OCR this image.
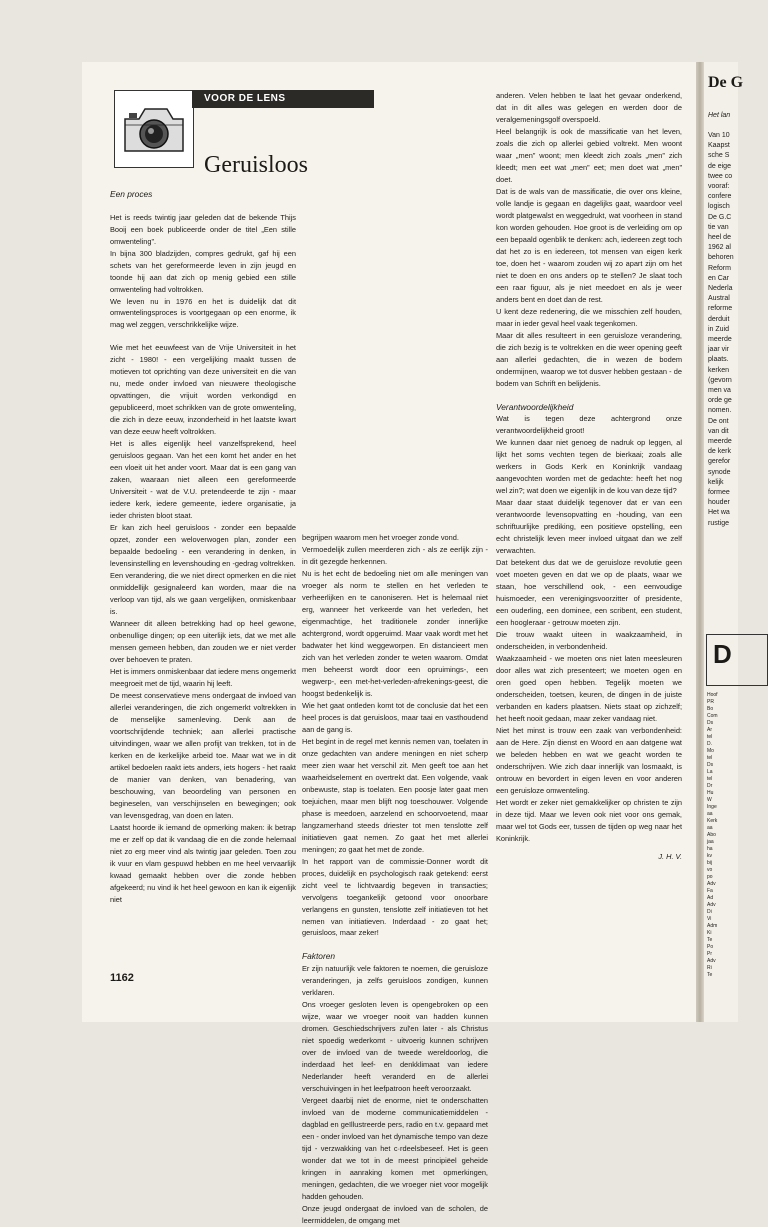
VOOR DE LENS
Geruisloos
Een proces

Het is reeds twintig jaar geleden dat de bekende Thijs Booij een boek publiceerde onder de titel „Een stille omwenteling”.

In bijna 300 bladzijden, compres gedrukt, gaf hij een schets van het gereformeerde leven in zijn jeugd en toonde hij aan dat zich op menig gebied een stille omwenteling had voltrokken.

We leven nu in 1976 en het is duidelijk dat dit omwentelingsproces is voortgegaan op een enorme, ik mag wel zeggen, verschrikkelijke wijze.

Wie met het eeuwfeest van de Vrije Universiteit in het zicht - 1980! - een vergelijking maakt tussen de motieven tot oprichting van deze universiteit en die van nu, mede onder invloed van nieuwere theologische opvattingen, die vrijuit worden verkondigd en gepubliceerd, moet schrikken van de grote omwenteling, die zich in deze eeuw, inzonderheid in het laatste kwart van deze eeuw heeft voltrokken.

Het is alles eigenlijk heel vanzelfsprekend, heel geruisloos gegaan. Van het een komt het ander en het een vloeit uit het ander voort. Maar dat is een gang van zaken, waaraan niet alleen een gereformeerde Universiteit - wat de V.U. pretendeerde te zijn - maar iedere kerk, iedere gemeente, iedere organisatie, ja ieder christen bloot staat.

Er kan zich heel geruisloos - zonder een bepaalde opzet, zonder een weloverwogen plan, zonder een bepaalde bedoeling - een verandering in denken, in levensinstelling en levenshouding en -gedrag voltrekken.

Een verandering, die we niet direct opmerken en die niet onmiddellijk gesignaleerd kan worden, maar die na verloop van tijd, als we gaan vergelijken, onmiskenbaar is.

Wanneer dit alleen betrekking had op heel gewone, onbenullige dingen; op een uiterlijk iets, dat we met alle mensen gemeen hebben, dan zouden we er niet verder over behoeven te praten.

Het is immers onmiskenbaar dat iedere mens ongemerkt meegroeit met de tijd, waarin hij leeft.

De meest conservatieve mens ondergaat de invloed van allerlei veranderingen, die zich ongemerkt voltrekken in de menselijke samenleving. Denk aan de voortschrijdende techniek; aan allerlei practische uitvindingen, waar we allen profijt van trekken, tot in de kerken en de kerkelijke arbeid toe. Maar wat we in dit artikel bedoelen raakt iets anders, iets hogers - het raakt de manier van denken, van benadering, van beschouwing, van beoordeling van personen en begineselen, van verschijnselen en bewegingen; ook van levensgedrag, van doen en laten.

Laatst hoorde ik iemand de opmerking maken: ik betrap me er zelf op dat ik vandaag die en die zonde helemaal niet zo erg meer vind als twintig jaar geleden. Toen zou ik vuur en vlam gespuwd hebben en me heel vervaarlijk kwaad gemaakt hebben over die zonde hebben afgekeerd; nu vind ik het heel gewoon en kan ik eigenlijk niet

begrijpen waarom men het vroeger zonde vond.

Vermoedelijk zullen meerderen zich - als ze eerlijk zijn - in dit gezegde herkennen.

Nu is het echt de bedoeling niet om alle meningen van vroeger als norm te stellen en het verleden te verheerlijken en te canoniseren. Het is helemaal niet erg, wanneer het verkeerde van het verleden, het eigenmachtige, het traditionele zonder innerlijke achtergrond, wordt opgeruimd. Maar vaak wordt met het badwater het kind weggeworpen. En distancieert men zich van het verleden zonder te weten waarom. Omdat men beheerst wordt door een opruimings-, een wegwerp-, een met-het-verleden-afrekenings-geest, die hoogst bedenkelijk is.

Wie het gaat ontleden komt tot de conclusie dat het een heel proces is dat geruisloos, maar taai en vasthoudend aan de gang is.

Het begint in de regel met kennis nemen van, toelaten in onze gedachten van andere meningen en niet scherp meer zien waar het verschil zit. Men geeft toe aan het waarheidselement en overtrekt dat. Een volgende, vaak onbewuste, stap is toelaten. Een poosje later gaat men toejuichen, maar men blijft nog toeschouwer. Volgende phase is meedoen, aarzelend en schoorvoetend, maar langzamerhand steeds driester tot men tenslotte zelf initiatieven gaat nemen. Zo gaat het met allerlei meningen; zo gaat het met de zonde.

In het rapport van de commissie-Donner wordt dit proces, duidelijk en psychologisch raak getekend: eerst zicht veel te lichtvaardig begeven in transacties; vervolgens toegankelijk getoond voor onoorbare verlangens en gunsten, tenslotte zelf initiatieven tot het nemen van initiatieven. Inderdaad - zo gaat het; geruisloos, maar zeker!

Faktoren

Er zijn natuurlijk vele faktoren te noemen, die geruisloze veranderingen, ja zelfs geruisloos zondigen, kunnen verklaren.

Ons vroeger gesloten leven is opengebroken op een wijze, waar we vroeger nooit van hadden kunnen dromen. Geschiedschrijvers zul'en later - als Christus niet spoedig wederkomt - uitvoerig kunnen schrijven over de invloed van de tweede wereldoorlog, die inderdaad het leef- en denkklimaat van iedere Nederlander heeft veranderd en de allerlei verschuivingen in het leefpatroon heeft veroorzaakt.

Vergeet daarbij niet de enorme, niet te onderschatten invloed van de moderne communicatiemiddelen - dagblad en geïllustreerde pers, radio en t.v. gepaard met een - onder invloed van het dynamische tempo van deze tijd - verzwakking van het c·rdeelsbeseef. Het is geen wonder dat we tot in de meest principiëel geheide kringen in aanraking komen met opmerkingen, meningen, gedachten, die we vroeger niet voor mogelijk hadden gehouden.

Onze jeugd ondergaat de invloed van de scholen, de leermiddelen, de omgang met

anderen. Velen hebben te laat het gevaar onderkend, dat in dit alles was gelegen en werden door de veralgemeningsgolf overspoeld.

Heel belangrijk is ook de massificatie van het leven, zoals die zich op allerlei gebied voltrekt. Men woont waar „men” woont; men kleedt zich zoals „men” zich kleedt; men eet wat „men” eet; men doet wat „men” doet.

Dat is de wals van de massificatie, die over ons kleine, volle landje is gegaan en dagelijks gaat, waardoor veel wordt platgewalst en weggedrukt, wat voorheen in stand kon worden gehouden. Hoe groot is de verleiding om op een bepaald ogenblik te denken: ach, iedereen zegt toch dat het zo is en iedereen, tot mensen van eigen kerk toe, doen het - waarom zouden wij zo apart zijn om het niet te doen en ons anders op te stellen? Je slaat toch een raar figuur, als je niet meedoet en als je weer anders bent en doet dan de rest.

U kent deze redenering, die we misschien zelf houden, maar in ieder geval heel vaak tegenkomen.

Maar dit alles resulteert in een geruisloze verandering, die zich bezig is te voltrekken en die weer opening geeft aan allerlei gedachten, die in wezen de bodem ondermijnen, waarop we tot dusver hebben gestaan - de bodem van Schrift en belijdenis.

Verantwoordelijkheid

Wat is tegen deze achtergrond onze verantwoordelijkheid groot!

We kunnen daar niet genoeg de nadruk op leggen, al lijkt het soms vechten tegen de bierkaai; zoals alle werkers in Gods Kerk en Koninkrijk vandaag aangevochten worden met de gedachte: heeft het nog wel zin?; wat doen we eigenlijk in de kou van deze tijd?

Maar daar staat duidelijk tegenover dat er van een verantwoorde levensopvatting en -houding, van een schriftuurlijke prediking, een positieve opstelling, een echt christelijk leven meer invloed uitgaat dan we zelf verwachten.

Dat betekent dus dat we de geruisloze revolutie geen voet moeten geven en dat we op de plaats, waar we staan, hoe verschillend ook, - een eenvoudige huismoeder, een verenigingsvoorzitter of presidente, een ouderling, een dominee, een scribent, een student, een hoogleraar - getrouw moeten zijn.

Die trouw waakt uiteen in waakzaamheid, in onderscheiden, in verbondenheid.

Waakzaamheid - we moeten ons niet laten meesleuren door alles wat zich presenteert; we moeten ogen en oren goed open hebben. Tegelijk moeten we onderscheiden, toetsen, keuren, de dingen in de juiste verbanden en kaders plaatsen. Niets staat op zichzelf; het heeft nooit gedaan, maar zeker vandaag niet.

Niet het minst is trouw een zaak van verbondenheid: aan de Here. Zijn dienst en Woord en aan datgene wat we beleden hebben en wat we geacht worden te onderschrijven. Wie zich daar innerlijk van losmaakt, is ontrouw en bevordert in eigen leven en voor anderen een geruisloze omwenteling.

Het wordt er zeker niet gemakkelijker op christen te zijn in deze tijd. Maar we leven ook niet voor ons gemak, maar wel tot Gods eer, tussen de tijden op weg naar het Koninkrijk.

J. H. V.
1162
De G
Het lan
Van 10
Kaapst
sche S
de eige
twee co
vooraf:
confere
logisch
De G.C
tie van
heel de
1962 al
behoren
Reform
en Car
Nederla
Austral
reforme
derduit
in Zuid
meerde
jaar vir
plaats.
kerken
(gevorn
men va
orde ge
nomen.
De ont
van dit
meerde
de kerk
gerefor
synode
kelijk
formee
houder
Het wa
rustige
D
Hoof
PR
Bo
Com
Ds
Ar
tel
D.
Mo
tel
Ds
La
tel
Dr
Hu
W
Inge
aa
Kerk
aa
Abo
jaa
ha
kv
bij
vo
po
Adv
Fa
Ad
Adv
Di
Vi
Adm
Ki
Te
Po
Pr
Adv
Ri
Te
